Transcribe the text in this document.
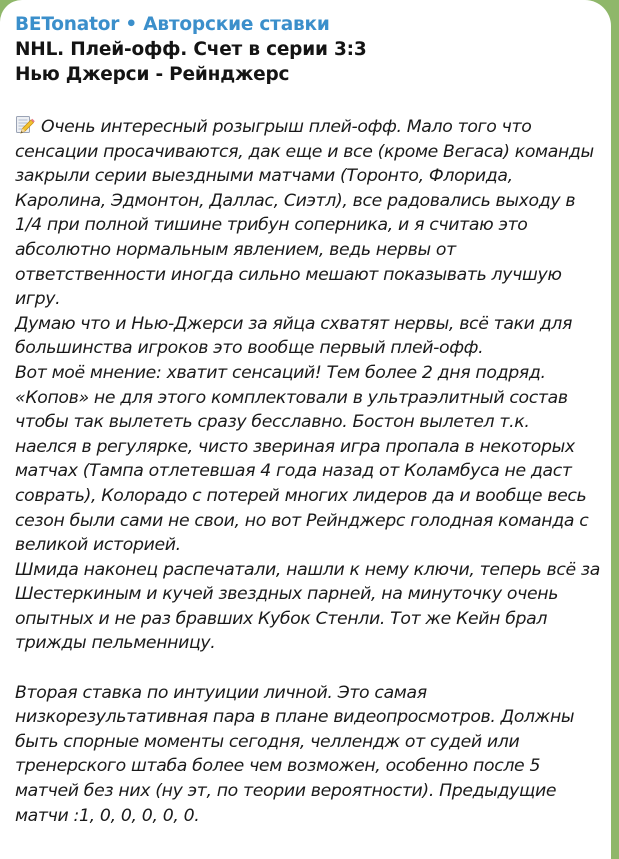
BETonator • Авторские ставки
NHL. Плей-офф. Счет в серии 3:3
Нью Джерси - Рейнджерс
Очень интересный розыгрыш плей-офф. Мало того что
сенсации просачиваются, дак еще и все (кроме Вегаса) команды
закрыли серии выездными матчами (Торонто, Флорида,
Каролина, Эдмонтон, Даллас, Сиэтл), все радовались выходу в
1/4 при полной тишине трибун соперника, и я считаю это
абсолютно нормальным явлением, ведь нервы от
ответственности иногда сильно мешают показывать лучшую
игру.
Думаю что и Нью-Джерси за яйца схватят нервы, всё таки для
большинства игроков это вообще первый плей-офф.
Вот моё мнение: хватит сенсаций! Тем более 2 дня подряд.
«Копов» не для этого комплектовали в ультраэлитный состав
чтобы так вылететь сразу бесславно. Бостон вылетел т.к.
наелся в регулярке, чисто звериная игра пропала в некоторых
матчах (Тампа отлетевшая 4 года назад от Коламбуса не даст
соврать), Колорадо с потерей многих лидеров да и вообще весь
сезон были сами не свои, но вот Рейнджерс голодная команда с
великой историей.
Шмида наконец распечатали, нашли к нему ключи, теперь всё за
Шестеркиным и кучей звездных парней, на минуточку очень
опытных и не раз бравших Кубок Стенли. Тот же Кейн брал
трижды пельменницу.
Вторая ставка по интуиции личной. Это самая
низкорезультативная пара в плане видеопросмотров. Должны
быть спорные моменты сегодня, челлендж от судей или
тренерского штаба более чем возможен, особенно после 5
матчей без них (ну эт, по теории вероятности). Предыдущие
матчи :1, 0, 0, 0, 0, 0.
